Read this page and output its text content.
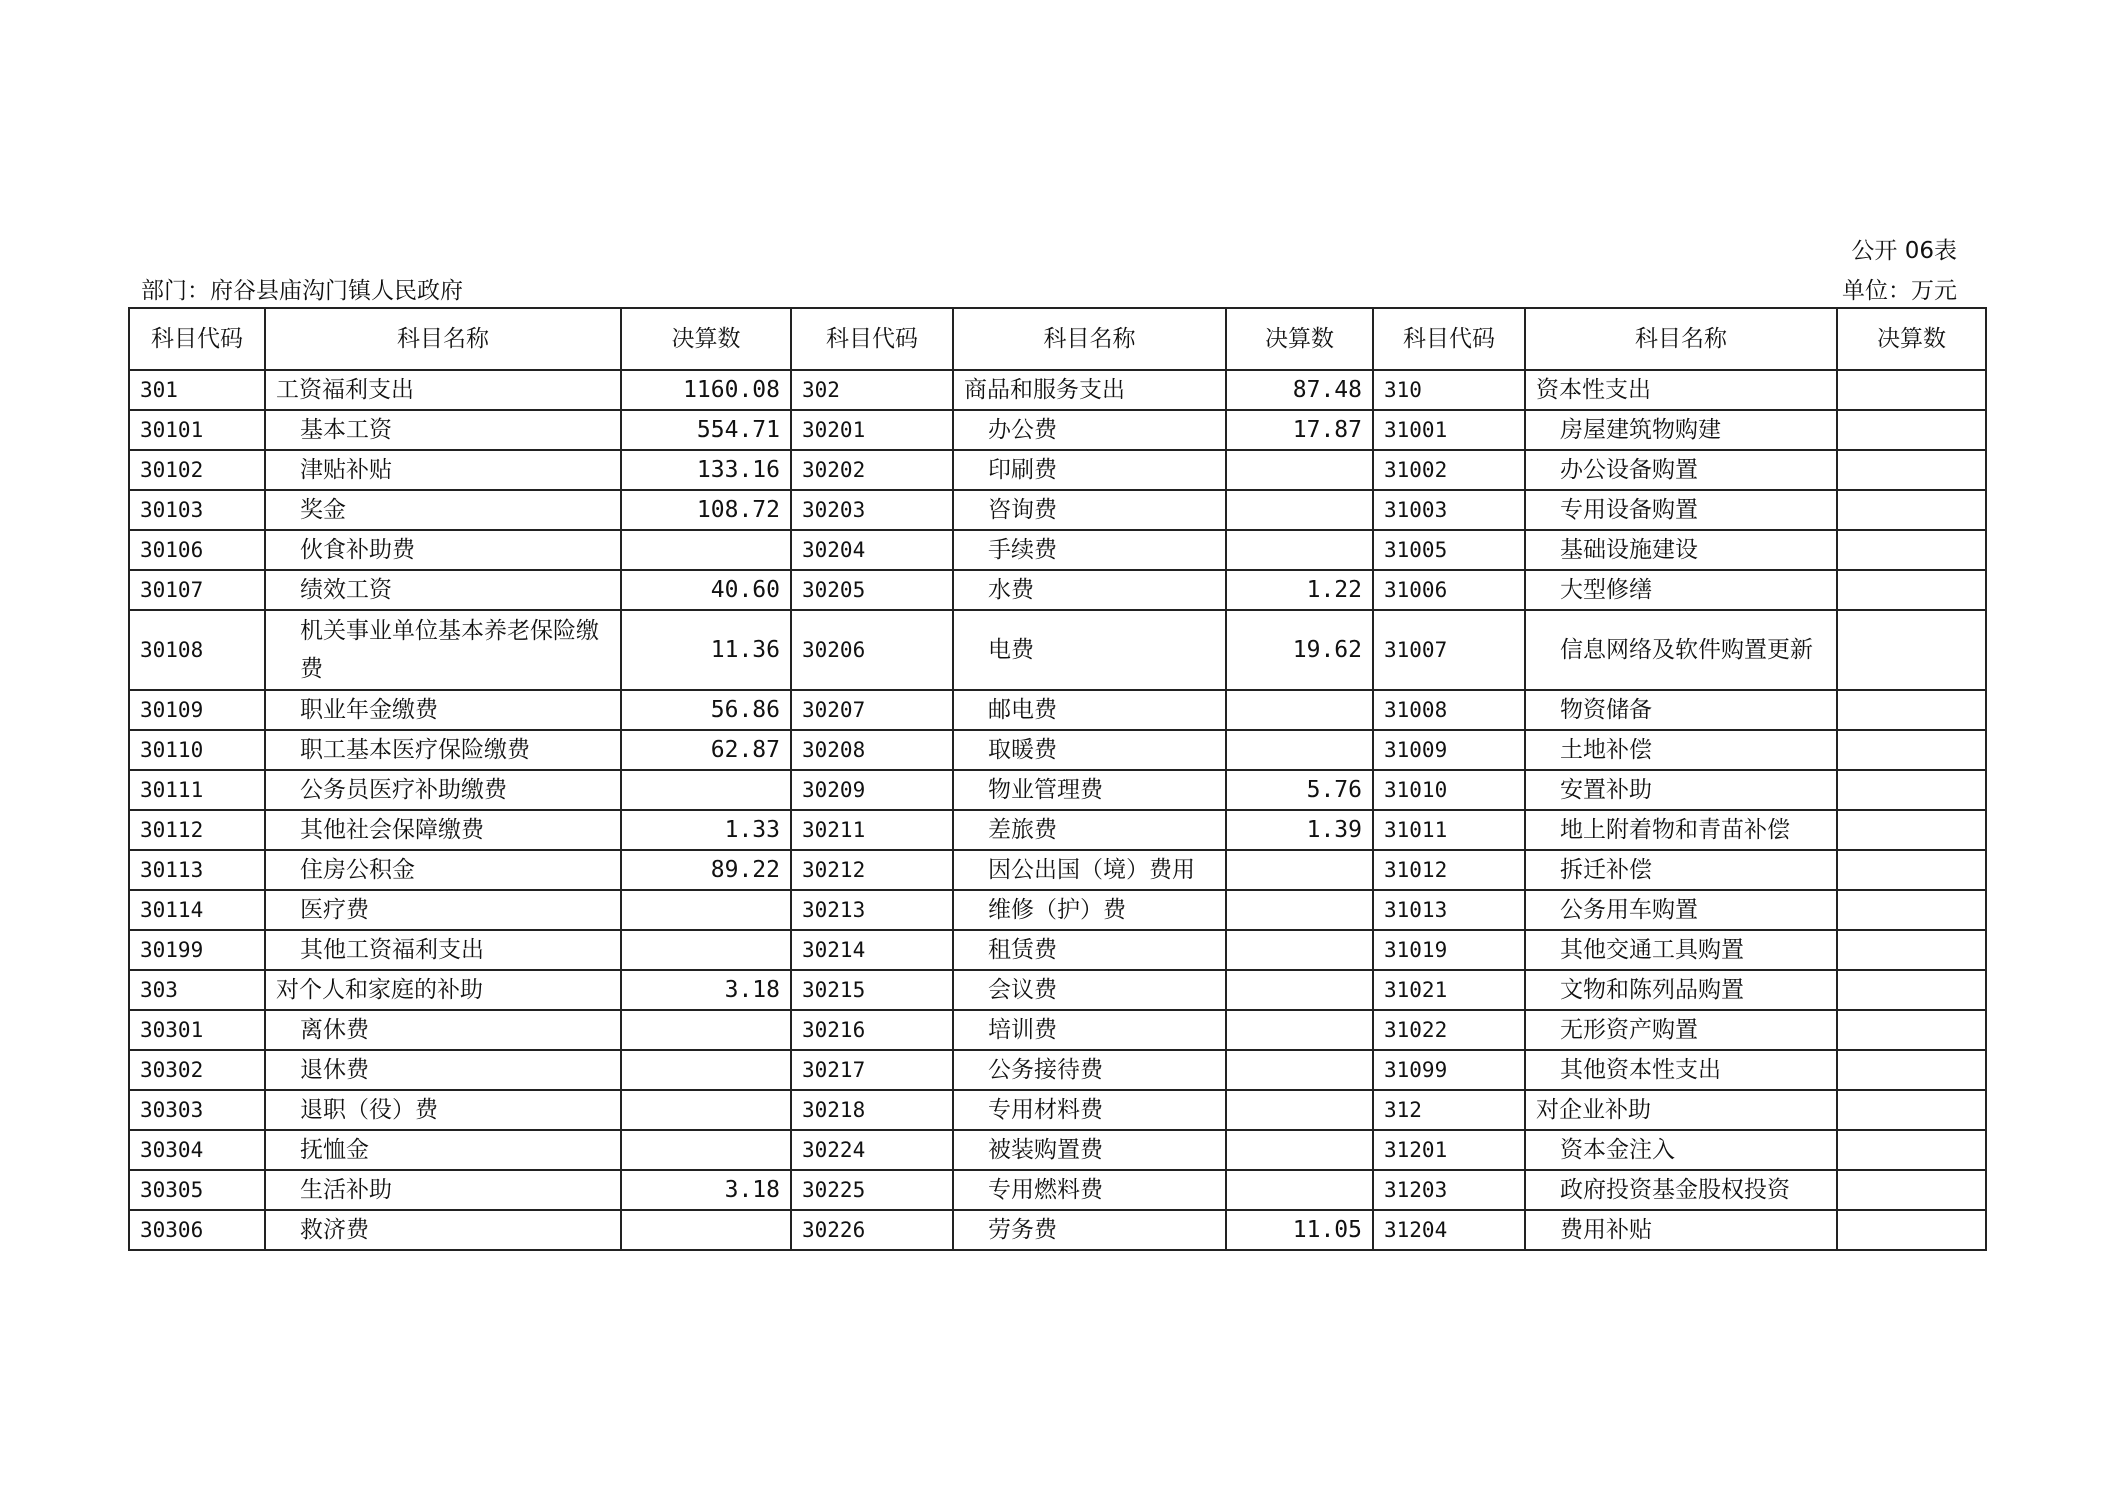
公开 06表
部门：府谷县庙沟门镇人民政府	单位：万元
科目代码	科目名称	决算数	科目代码	科目名称	决算数	科目代码	科目名称	决算数
301	工资福利支出	1160.08	302	商品和服务支出	87.48	310	资本性支出	
30101	基本工资	554.71	30201	办公费	17.87	31001	房屋建筑物购建	
30102	津贴补贴	133.16	30202	印刷费		31002	办公设备购置	
30103	奖金	108.72	30203	咨询费		31003	专用设备购置	
30106	伙食补助费		30204	手续费		31005	基础设施建设	
30107	绩效工资	40.60	30205	水费	1.22	31006	大型修缮	
30108	机关事业单位基本养老保险缴费	11.36	30206	电费	19.62	31007	信息网络及软件购置更新	
30109	职业年金缴费	56.86	30207	邮电费		31008	物资储备	
30110	职工基本医疗保险缴费	62.87	30208	取暖费		31009	土地补偿	
30111	公务员医疗补助缴费		30209	物业管理费	5.76	31010	安置补助	
30112	其他社会保障缴费	1.33	30211	差旅费	1.39	31011	地上附着物和青苗补偿	
30113	住房公积金	89.22	30212	因公出国（境）费用		31012	拆迁补偿	
30114	医疗费		30213	维修（护）费		31013	公务用车购置	
30199	其他工资福利支出		30214	租赁费		31019	其他交通工具购置	
303	对个人和家庭的补助	3.18	30215	会议费		31021	文物和陈列品购置	
30301	离休费		30216	培训费		31022	无形资产购置	
30302	退休费		30217	公务接待费		31099	其他资本性支出	
30303	退职（役）费		30218	专用材料费		312	对企业补助	
30304	抚恤金		30224	被装购置费		31201	资本金注入	
30305	生活补助	3.18	30225	专用燃料费		31203	政府投资基金股权投资	
30306	救济费		30226	劳务费	11.05	31204	费用补贴	
